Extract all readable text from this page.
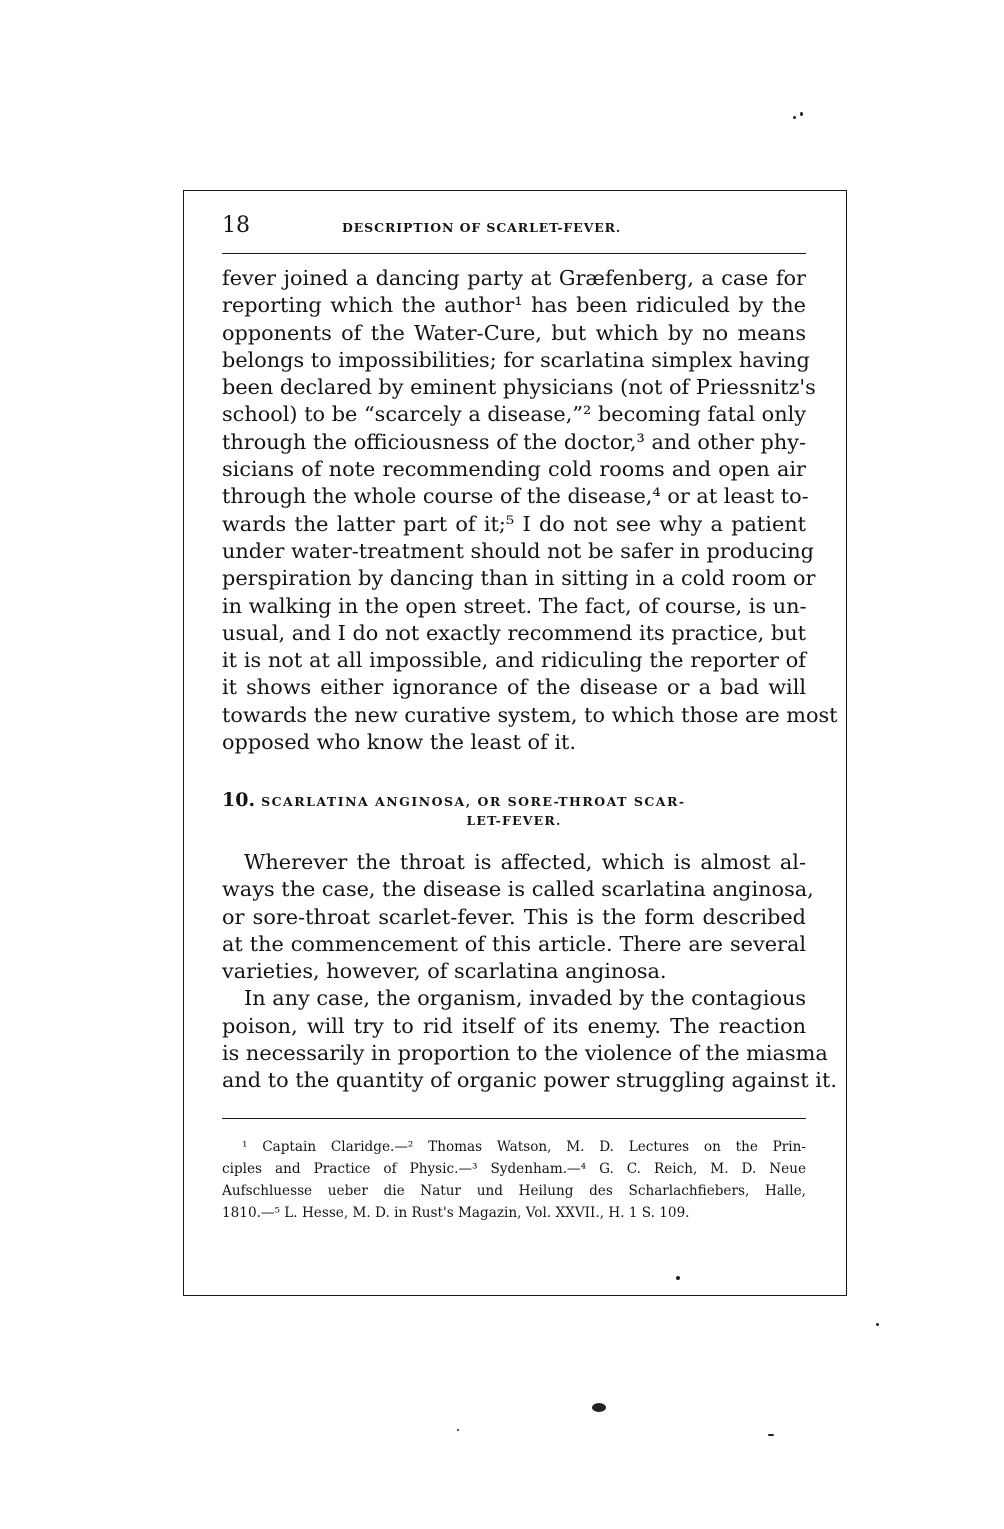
18	DESCRIPTION OF SCARLET-FEVER.
fever joined a dancing party at Græfenberg, a case for
reporting which the author¹ has been ridiculed by the
opponents of the Water-Cure, but which by no means
belongs to impossibilities; for scarlatina simplex having
been declared by eminent physicians (not of Priessnitz's
school) to be “scarcely a disease,”² becoming fatal only
through the officiousness of the doctor,³ and other phy-
sicians of note recommending cold rooms and open air
through the whole course of the disease,⁴ or at least to-
wards the latter part of it;⁵ I do not see why a patient
under water-treatment should not be safer in producing
perspiration by dancing than in sitting in a cold room or
in walking in the open street. The fact, of course, is un-
usual, and I do not exactly recommend its practice, but
it is not at all impossible, and ridiculing the reporter of
it shows either ignorance of the disease or a bad will
towards the new curative system, to which those are most
opposed who know the least of it.
10. SCARLATINA ANGINOSA, OR SORE-THROAT SCAR-
LET-FEVER.
Wherever the throat is affected, which is almost al-
ways the case, the disease is called scarlatina anginosa,
or sore-throat scarlet-fever. This is the form described
at the commencement of this article. There are several
varieties, however, of scarlatina anginosa.
In any case, the organism, invaded by the contagious
poison, will try to rid itself of its enemy. The reaction
is necessarily in proportion to the violence of the miasma
and to the quantity of organic power struggling against it.
¹ Captain Claridge.—² Thomas Watson, M. D. Lectures on the Prin-
ciples and Practice of Physic.—³ Sydenham.—⁴ G. C. Reich, M. D. Neue
Aufschluesse ueber die Natur und Heilung des Scharlachfiebers, Halle,
1810.—⁵ L. Hesse, M. D. in Rust's Magazin, Vol. XXVII., H. 1 S. 109.
